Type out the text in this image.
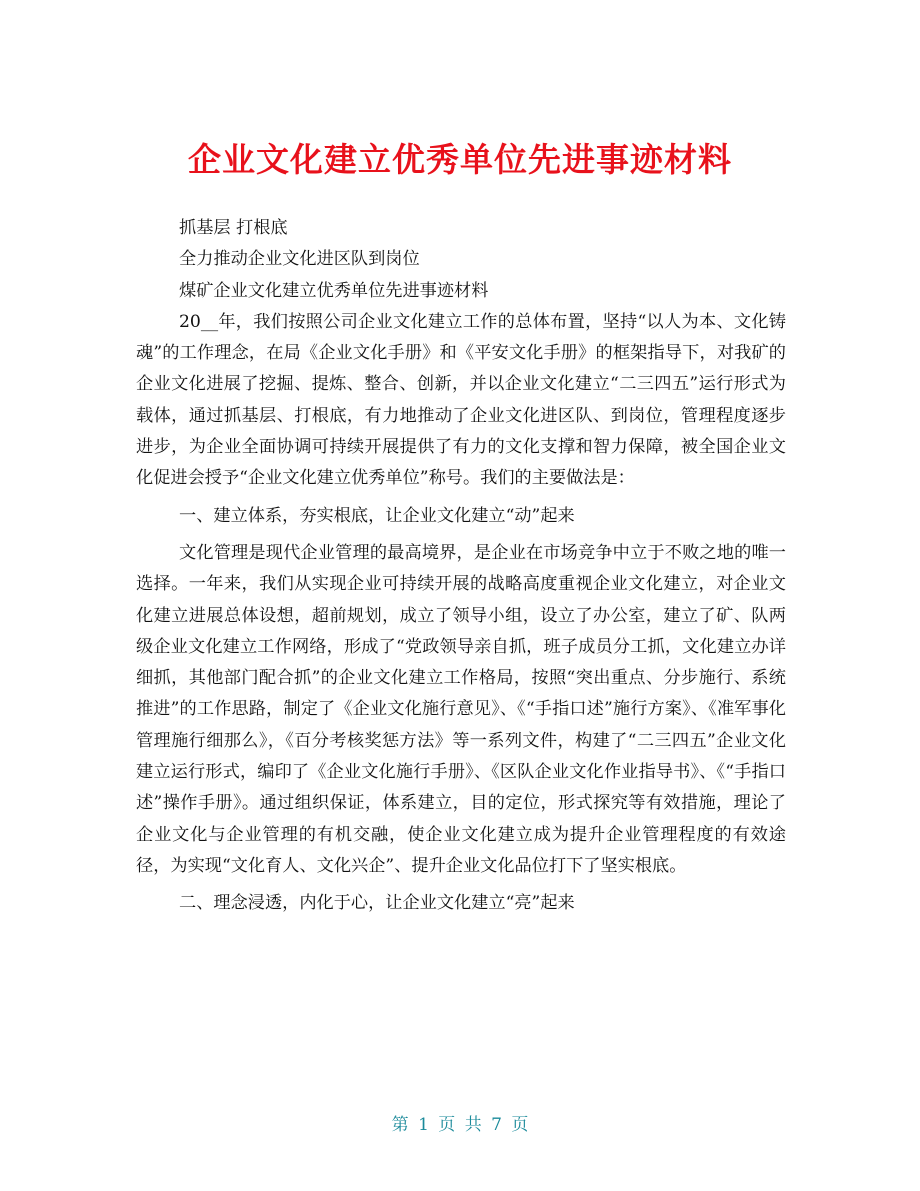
企业文化建立优秀单位先进事迹材料

抓基层 打根底

全力推动企业文化进区队到岗位

煤矿企业文化建立优秀单位先进事迹材料

20__年，我们按照公司企业文化建立工作的总体布置，坚持“以人为本、文化铸魂”的工作理念，在局《企业文化手册》和《平安文化手册》的框架指导下，对我矿的企业文化进展了挖掘、提炼、整合、创新，并以企业文化建立“二三四五”运行形式为载体，通过抓基层、打根底，有力地推动了企业文化进区队、到岗位，管理程度逐步进步，为企业全面协调可持续开展提供了有力的文化支撑和智力保障，被全国企业文化促进会授予“企业文化建立优秀单位”称号。我们的主要做法是：

一、建立体系，夯实根底，让企业文化建立“动”起来

文化管理是现代企业管理的最高境界，是企业在市场竞争中立于不败之地的唯一选择。一年来，我们从实现企业可持续开展的战略高度重视企业文化建立，对企业文化建立进展总体设想，超前规划，成立了领导小组，设立了办公室，建立了矿、队两级企业文化建立工作网络，形成了“党政领导亲自抓，班子成员分工抓，文化建立办详细抓，其他部门配合抓”的企业文化建立工作格局，按照“突出重点、分步施行、系统推进”的工作思路，制定了《企业文化施行意见》、《“手指口述”施行方案》、《准军事化管理施行细那么》，《百分考核奖惩方法》等一系列文件，构建了“二三四五”企业文化建立运行形式，编印了《企业文化施行手册》、《区队企业文化作业指导书》、《“手指口述”操作手册》。通过组织保证，体系建立，目的定位，形式探究等有效措施，理论了企业文化与企业管理的有机交融，使企业文化建立成为提升企业管理程度的有效途径，为实现“文化育人、文化兴企”、提升企业文化品位打下了坚实根底。

二、理念浸透，内化于心，让企业文化建立“亮”起来

第 1 页 共 7 页
